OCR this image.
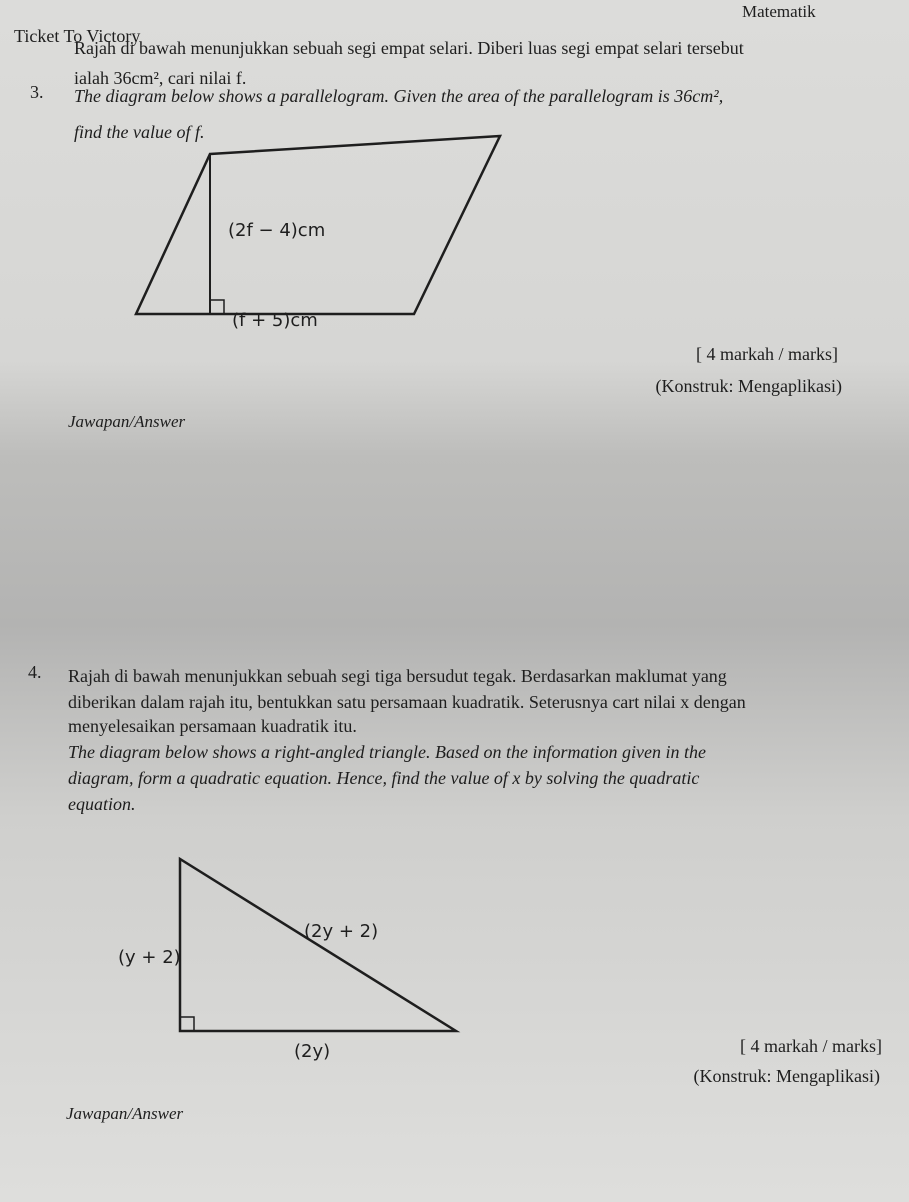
Matematik
Ticket To Victory
3.
Rajah di bawah menunjukkan sebuah segi empat selari. Diberi luas segi empat selari tersebut
ialah 36cm², cari nilai f.
The diagram below shows a parallelogram. Given the area of the parallelogram is 36cm²,
find the value of f.
(2f − 4)cm
(f + 5)cm
[ 4 markah / marks]
(Konstruk: Mengaplikasi)
Jawapan/Answer
4. Rajah di bawah menunjukkan sebuah segi tiga bersudut tegak. Berdasarkan maklumat yang
diberikan dalam rajah itu, bentukkan satu persamaan kuadratik. Seterusnya cart nilai x dengan
menyelesaikan persamaan kuadratik itu.
The diagram below shows a right-angled triangle. Based on the information given in the
diagram, form a quadratic equation. Hence, find the value of x by solving the quadratic
equation.
(y + 2)
(2y + 2)
(2y)	[ 4 markah / marks]
(Konstruk: Mengaplikasi)
Jawapan/Answer
